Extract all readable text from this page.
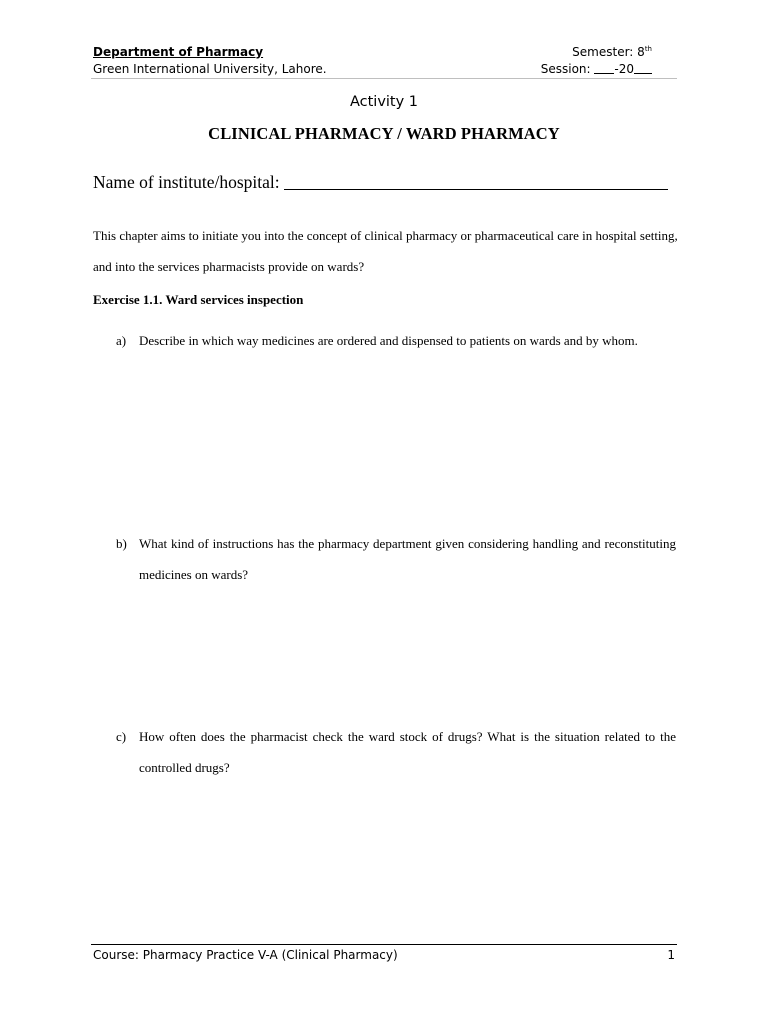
Department of Pharmacy
Green International University, Lahore.
Semester: 8th
Session: -20
Activity 1
CLINICAL PHARMACY / WARD PHARMACY
Name of institute/hospital:
This chapter aims to initiate you into the concept of clinical pharmacy or pharmaceutical care in hospital setting, and into the services pharmacists provide on wards?
Exercise 1.1. Ward services inspection
a) Describe in which way medicines are ordered and dispensed to patients on wards and by whom.
b) What kind of instructions has the pharmacy department given considering handling and reconstituting medicines on wards?
c) How often does the pharmacist check the ward stock of drugs? What is the situation related to the controlled drugs?
Course: Pharmacy Practice V-A (Clinical Pharmacy)	1
